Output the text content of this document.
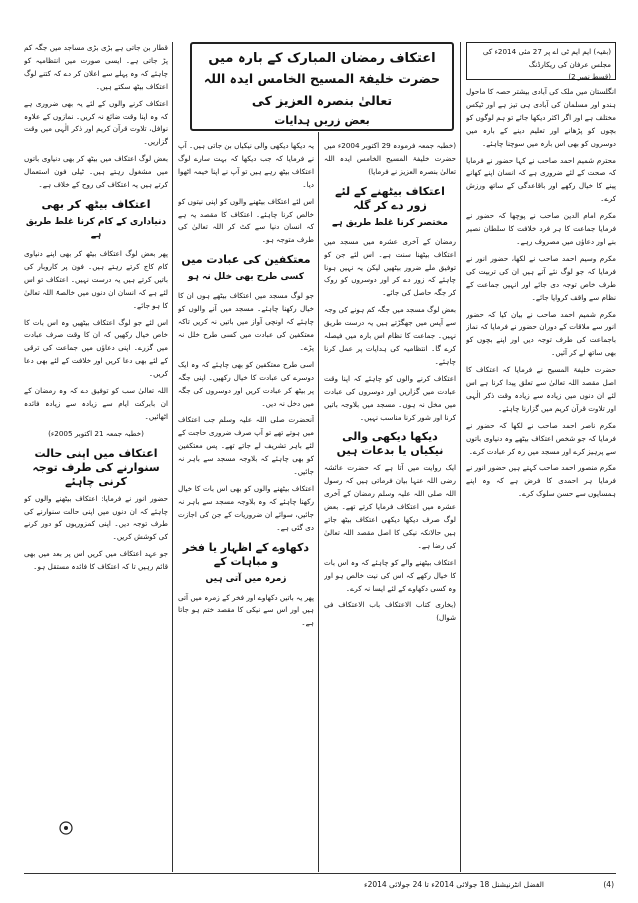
(بقیہ) ایم ایم ٹی اے پر 27 مئی 2014ء کی مجلس عرفان کی ریکارڈنگ
(قسط نمبر 2)
اعتکاف رمضان المبارک کے بارہ میں
حضرت خلیفۃ المسیح الخامس ایدہ اللہ تعالیٰ بنصرہ العزیز کی
بعض زریں ہدایات

انگلستان میں ملک کی آبادی بیشتر حصہ کا ماحول ہندو اور مسلمان کی آبادی ہی تیز ہے اور ٹیکس مختلف ہے اور اگر اکثر دیکھا جائے تو ہم لوگوں کو بچوں کو پڑھانے اور تعلیم دینے کے بارہ میں دوسروں کو بھی اس بارہ میں سوچنا چاہئے۔

محترم شمیم احمد صاحب نے کہا حضور نے فرمایا کہ صحت کے لئے ضروری ہے کہ انسان اپنے کھانے پینے کا خیال رکھے اور باقاعدگی کے ساتھ ورزش کرے۔

مکرم امام الدین صاحب نے پوچھا کہ حضور نے فرمایا جماعت کا ہر فرد خلافت کا سلطان نصیر بنے اور دعاؤں میں مصروف رہے۔

مکرم وسیم احمد صاحب نے لکھا، حضور انور نے فرمایا کہ جو لوگ نئے آتے ہیں ان کی تربیت کی طرف خاص توجہ دی جائے اور انہیں جماعت کے نظام سے واقف کروایا جائے۔

مکرم شمیم احمد صاحب نے بیان کیا کہ حضور انور سے ملاقات کے دوران حضور نے فرمایا کہ نماز باجماعت کی طرف توجہ دیں اور اپنے بچوں کو بھی ساتھ لے کر آئیں۔

حضرت خلیفۃ المسیح نے فرمایا کہ اعتکاف کا اصل مقصد اللہ تعالیٰ سے تعلق پیدا کرنا ہے اس لئے ان دنوں میں زیادہ سے زیادہ وقت ذکر الٰہی اور تلاوت قرآن کریم میں گزارنا چاہئے۔

مکرم ناصر احمد صاحب نے لکھا کہ حضور نے فرمایا کہ جو شخص اعتکاف بیٹھے وہ دنیاوی باتوں سے پرہیز کرے اور مسجد میں رہ کر عبادت کرے۔

مکرم منصور احمد صاحب کہتے ہیں حضور انور نے فرمایا ہر احمدی کا فرض ہے کہ وہ اپنے ہمسایوں سے حسن سلوک کرے۔

(خطبہ جمعہ فرمودہ 29 اکتوبر 2004ء میں حضرت خلیفۃ المسیح الخامس ایدہ اللہ تعالیٰ بنصرہ العزیز نے فرمایا)

اعتکاف بیٹھنے کے لئے زور دے کر گلہ
مختصر کرنا غلط طریق ہے

رمضان کے آخری عشرہ میں مسجد میں اعتکاف بیٹھنا سنت ہے۔ اس لئے جن کو توفیق ملے ضرور بیٹھیں لیکن یہ نہیں ہونا چاہئے کہ زور دے کر اور دوسروں کو روک کر جگہ حاصل کی جائے۔

بعض لوگ مسجد میں جگہ کم ہونے کی وجہ سے آپس میں جھگڑتے ہیں یہ درست طریق نہیں۔ جماعت کا نظام اس بارہ میں فیصلہ کرے گا۔ انتظامیہ کی ہدایات پر عمل کرنا چاہئے۔

اعتکاف کرنے والوں کو چاہئے کہ اپنا وقت عبادت میں گزاریں اور دوسروں کی عبادت میں مخل نہ ہوں۔ مسجد میں بلاوجہ باتیں کرنا اور شور کرنا مناسب نہیں۔

دیکھا دیکھی والی نیکیاں یا بدعات ہیں

ایک روایت میں آتا ہے کہ حضرت عائشہ رضی اللہ عنہا بیان فرماتی ہیں کہ رسول اللہ صلی اللہ علیہ وسلم رمضان کے آخری عشرہ میں اعتکاف فرمایا کرتے تھے۔ بعض لوگ صرف دیکھا دیکھی اعتکاف بیٹھ جاتے ہیں حالانکہ نیکی کا اصل مقصد اللہ تعالیٰ کی رضا ہے۔

اعتکاف بیٹھنے والے کو چاہئے کہ وہ اس بات کا خیال رکھے کہ اس کی نیت خالص ہو اور وہ کسی دکھاوے کے لئے ایسا نہ کرے۔

(بخاری کتاب الاعتکاف باب الاعتکاف فی شوال)

یہ دیکھا دیکھی والی نیکیاں بن جاتی ہیں۔ آپ نے فرمایا کہ جب دیکھا کہ بہت سارے لوگ اعتکاف بیٹھ رہے ہیں تو آپ نے اپنا خیمہ اٹھوا دیا۔

اس لئے اعتکاف بیٹھنے والوں کو اپنی نیتوں کو خالص کرنا چاہئے۔ اعتکاف کا مقصد یہ ہے کہ انسان دنیا سے کٹ کر اللہ تعالیٰ کی طرف متوجہ ہو۔

معتکفین کی عبادت میں
کسی طرح بھی خلل نہ ہو

جو لوگ مسجد میں اعتکاف بیٹھے ہوں ان کا خیال رکھنا چاہئے۔ مسجد میں آنے والوں کو چاہئے کہ اونچی آواز میں باتیں نہ کریں تاکہ معتکفین کی عبادت میں کسی طرح خلل نہ پڑے۔

اسی طرح معتکفین کو بھی چاہئے کہ وہ ایک دوسرے کی عبادت کا خیال رکھیں۔ اپنی جگہ پر بیٹھ کر عبادت کریں اور دوسروں کی جگہ میں دخل نہ دیں۔

آنحضرت صلی اللہ علیہ وسلم جب اعتکاف میں ہوتے تھے تو آپ صرف ضروری حاجت کے لئے باہر تشریف لے جاتے تھے۔ پس معتکفین کو بھی چاہئے کہ بلاوجہ مسجد سے باہر نہ جائیں۔

اعتکاف بیٹھنے والوں کو بھی اس بات کا خیال رکھنا چاہئے کہ وہ بلاوجہ مسجد سے باہر نہ جائیں، سوائے ان ضروریات کے جن کی اجازت دی گئی ہے۔

دکھاوے کے اظہار یا فخر و مباہات کے
زمرہ میں آتی ہیں

پھر یہ باتیں دکھاوے اور فخر کے زمرہ میں آتی ہیں اور اس سے نیکی کا مقصد ختم ہو جاتا ہے۔

قطار بن جاتی ہے بڑی بڑی مساجد میں جگہ کم پڑ جاتی ہے۔ ایسی صورت میں انتظامیہ کو چاہئے کہ وہ پہلے سے اعلان کر دے کہ کتنے لوگ اعتکاف بیٹھ سکتے ہیں۔

اعتکاف کرنے والوں کے لئے یہ بھی ضروری ہے کہ وہ اپنا وقت ضائع نہ کریں۔ نمازوں کے علاوہ نوافل، تلاوت قرآن کریم اور ذکر الٰہی میں وقت گزاریں۔

بعض لوگ اعتکاف میں بیٹھ کر بھی دنیاوی باتوں میں مشغول رہتے ہیں۔ ٹیلی فون استعمال کرتے ہیں یہ اعتکاف کی روح کے خلاف ہے۔

اعتکاف بیٹھ کر بھی
دنیاداری کے کام کرنا غلط طریق ہے

پھر بعض لوگ اعتکاف بیٹھ کر بھی اپنے دنیاوی کام کاج کرتے رہتے ہیں۔ فون پر کاروبار کی باتیں کرتے ہیں یہ درست نہیں۔ اعتکاف تو اس لئے ہے کہ انسان ان دنوں میں خالصۃً اللہ تعالیٰ کا ہو جائے۔

اس لئے جو لوگ اعتکاف بیٹھیں وہ اس بات کا خاص خیال رکھیں کہ ان کا وقت صرف عبادت میں گزرے۔ اپنی دعاؤں میں جماعت کی ترقی کے لئے بھی دعا کریں اور خلافت کے لئے بھی دعا کریں۔

اللہ تعالیٰ سب کو توفیق دے کہ وہ رمضان کے ان بابرکت ایام سے زیادہ سے زیادہ فائدہ اٹھائیں۔

(خطبہ جمعہ 21 اکتوبر 2005ء)

اعتکاف میں اپنی حالت سنوارنے کی طرف توجہ کرنی چاہئے

حضور انور نے فرمایا: اعتکاف بیٹھنے والوں کو چاہئے کہ ان دنوں میں اپنی حالت سنوارنے کی طرف توجہ دیں۔ اپنی کمزوریوں کو دور کرنے کی کوشش کریں۔

جو عہد اعتکاف میں کریں اس پر بعد میں بھی قائم رہیں تا کہ اعتکاف کا فائدہ مستقل ہو۔

الفضل انٹرنیشنل 18 جولائی 2014ء تا 24 جولائی 2014ء	(4)
